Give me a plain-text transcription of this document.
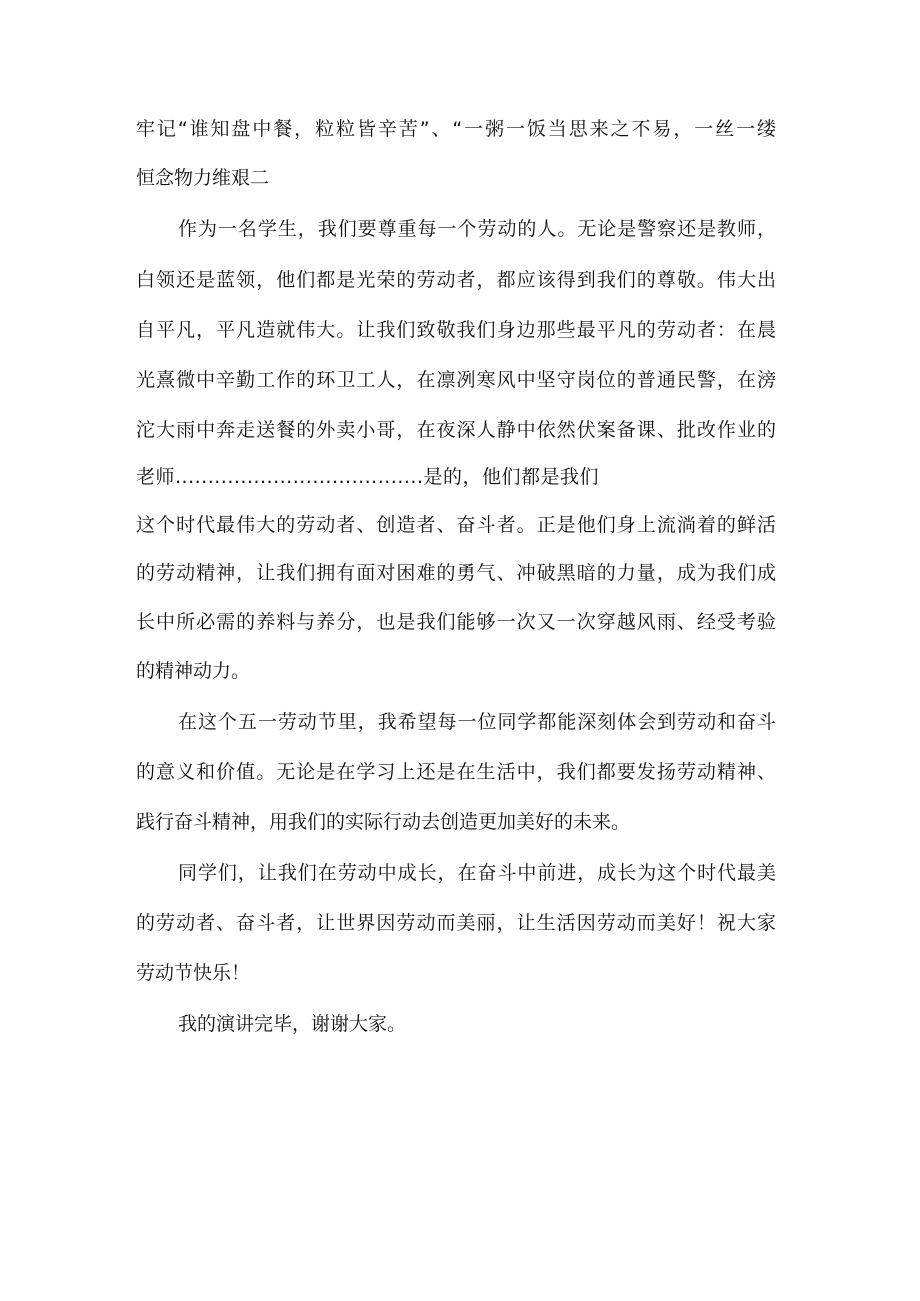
牢记“谁知盘中餐，粒粒皆辛苦”、“一粥一饭当思来之不易，一丝一缕

恒念物力维艰二

作为一名学生，我们要尊重每一个劳动的人。无论是警察还是教师，

白领还是蓝领，他们都是光荣的劳动者，都应该得到我们的尊敬。伟大出

自平凡，平凡造就伟大。让我们致敬我们身边那些最平凡的劳动者：在晨

光熹微中辛勤工作的环卫工人，在凛冽寒风中坚守岗位的普通民警，在滂

沱大雨中奔走送餐的外卖小哥，在夜深人静中依然伏案备课、批改作业的

老师......................................是的，他们都是我们

这个时代最伟大的劳动者、创造者、奋斗者。正是他们身上流淌着的鲜活

的劳动精神，让我们拥有面对困难的勇气、冲破黑暗的力量，成为我们成

长中所必需的养料与养分，也是我们能够一次又一次穿越风雨、经受考验

的精神动力。

在这个五一劳动节里，我希望每一位同学都能深刻体会到劳动和奋斗

的意义和价值。无论是在学习上还是在生活中，我们都要发扬劳动精神、

践行奋斗精神，用我们的实际行动去创造更加美好的未来。

同学们，让我们在劳动中成长，在奋斗中前进，成长为这个时代最美

的劳动者、奋斗者，让世界因劳动而美丽，让生活因劳动而美好！祝大家

劳动节快乐！

我的演讲完毕，谢谢大家。
